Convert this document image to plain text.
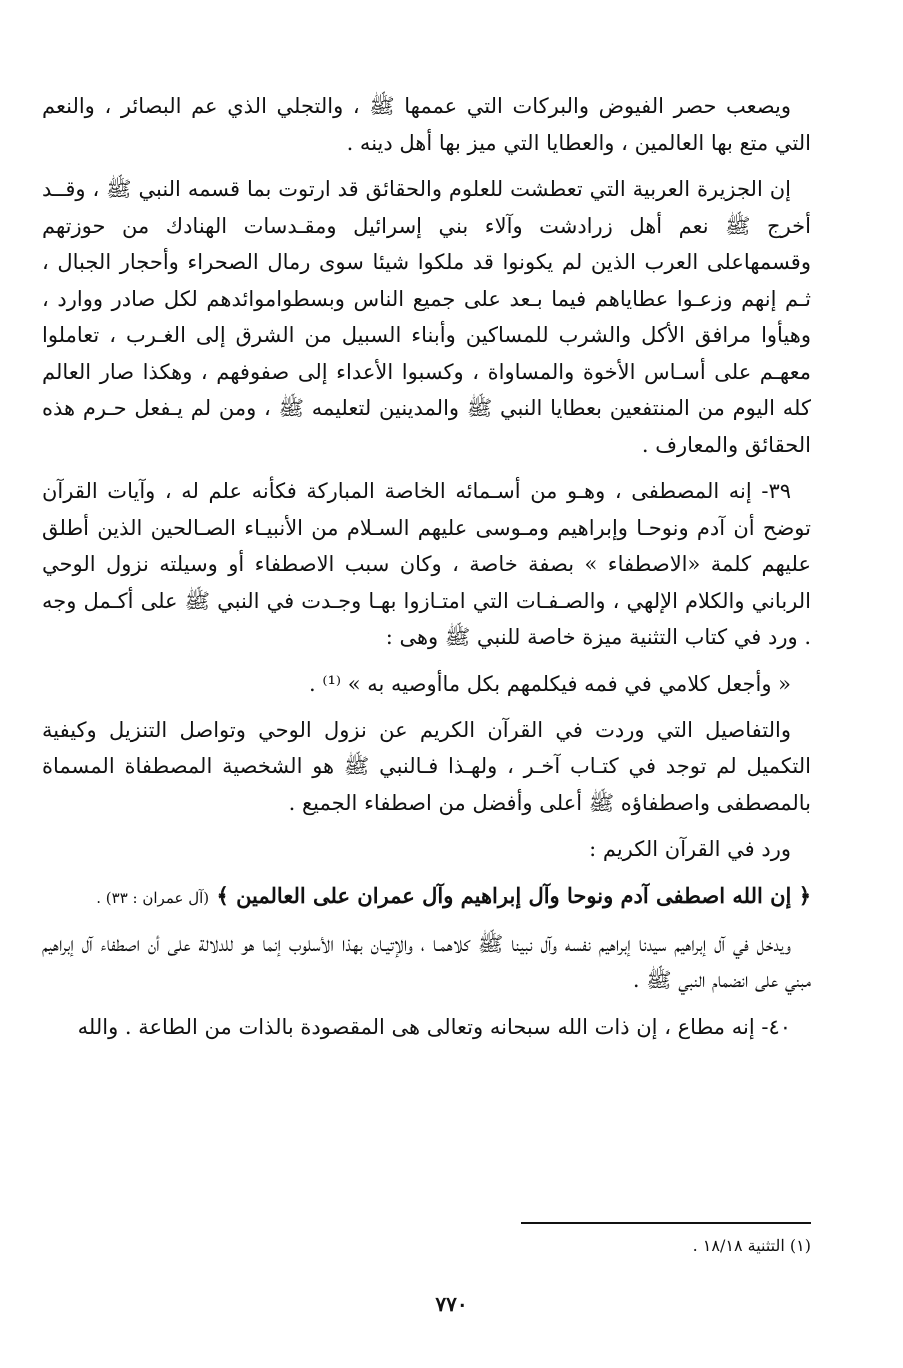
ويصعب حصر الفيوض والبركات التي عممها ﷺ ، والتجلي الذي عم البصائر ، والنعم التي متع بها العالمين ، والعطايا التي ميز بها أهل دينه .

إن الجزيرة العربية التي تعطشت للعلوم والحقائق قد ارتوت بما قسمه النبي ﷺ ، وقــد أخرج ﷺ نعم أهل زرادشت وآلاء بني إسرائيل ومقـدسات الهنادك من حوزتهم وقسمهاعلى العرب الذين لم يكونوا قد ملكوا شيئا سوى رمال الصحراء وأحجار الجبال ، ثـم إنهم وزعـوا عطاياهم فيما بـعد على جميع الناس وبسطواموائدهم لكل صادر ووارد ، وهيأوا مرافق الأكل والشرب للمساكين وأبناء السبيل من الشرق إلى الغـرب ، تعاملوا معهـم على أسـاس الأخوة والمساواة ، وكسبوا الأعداء إلى صفوفهم ، وهكذا صار العالم كله اليوم من المنتفعين بعطايا النبي ﷺ والمدينين لتعليمه ﷺ ، ومن لم يـفعل حـرم هذه الحقائق والمعارف .

٣٩- إنه المصطفى ، وهـو من أسـمائه الخاصة المباركة فكأنه علم له ، وآيات القرآن توضح أن آدم ونوحـا وإبراهيم ومـوسى عليهم السـلام من الأنبيـاء الصـالحين الذين أطلق عليهم كلمة «الاصطفاء » بصفة خاصة ، وكان سبب الاصطفاء أو وسيلته نزول الوحي الرباني والكلام الإلهي ، والصـفـات التي امتـازوا بهـا وجـدت في النبي ﷺ على أكـمل وجه . ورد في كتاب التثنية ميزة خاصة للنبي ﷺ وهى :

« وأجعل كلامي في فمه فيكلمهم بكل ماأوصيه به » ⁽¹⁾ .

والتفاصيل التي وردت في القرآن الكريم عن نزول الوحي وتواصل التنزيل وكيفية التكميل لم توجد في كتـاب آخـر ، ولهـذا فـالنبي ﷺ هو الشخصية المصطفاة المسماة بالمصطفى واصطفاؤه ﷺ أعلى وأفضل من اصطفاء الجميع .

ورد في القرآن الكريم :

﴿ إن الله اصطفى آدم ونوحا وآل إبراهيم وآل عمران على العالمين ﴾ (آل عمران : ٣٣) .

ويدخل في آل إبراهيم سيدنا إبراهيم نفسه وآل نبينا ﷺ كلاهمـا ، والإتيـان بهذا الأسلوب إنما هو للدلالة على أن اصطفاء آل إبراهيم مبني على انضمام النبي ﷺ .

٤٠- إنه مطاع ، إن ذات الله سبحانه وتعالى هى المقصودة بالذات من الطاعة . والله

(١) التثنية ١٨/١٨ .
٧٧٠
